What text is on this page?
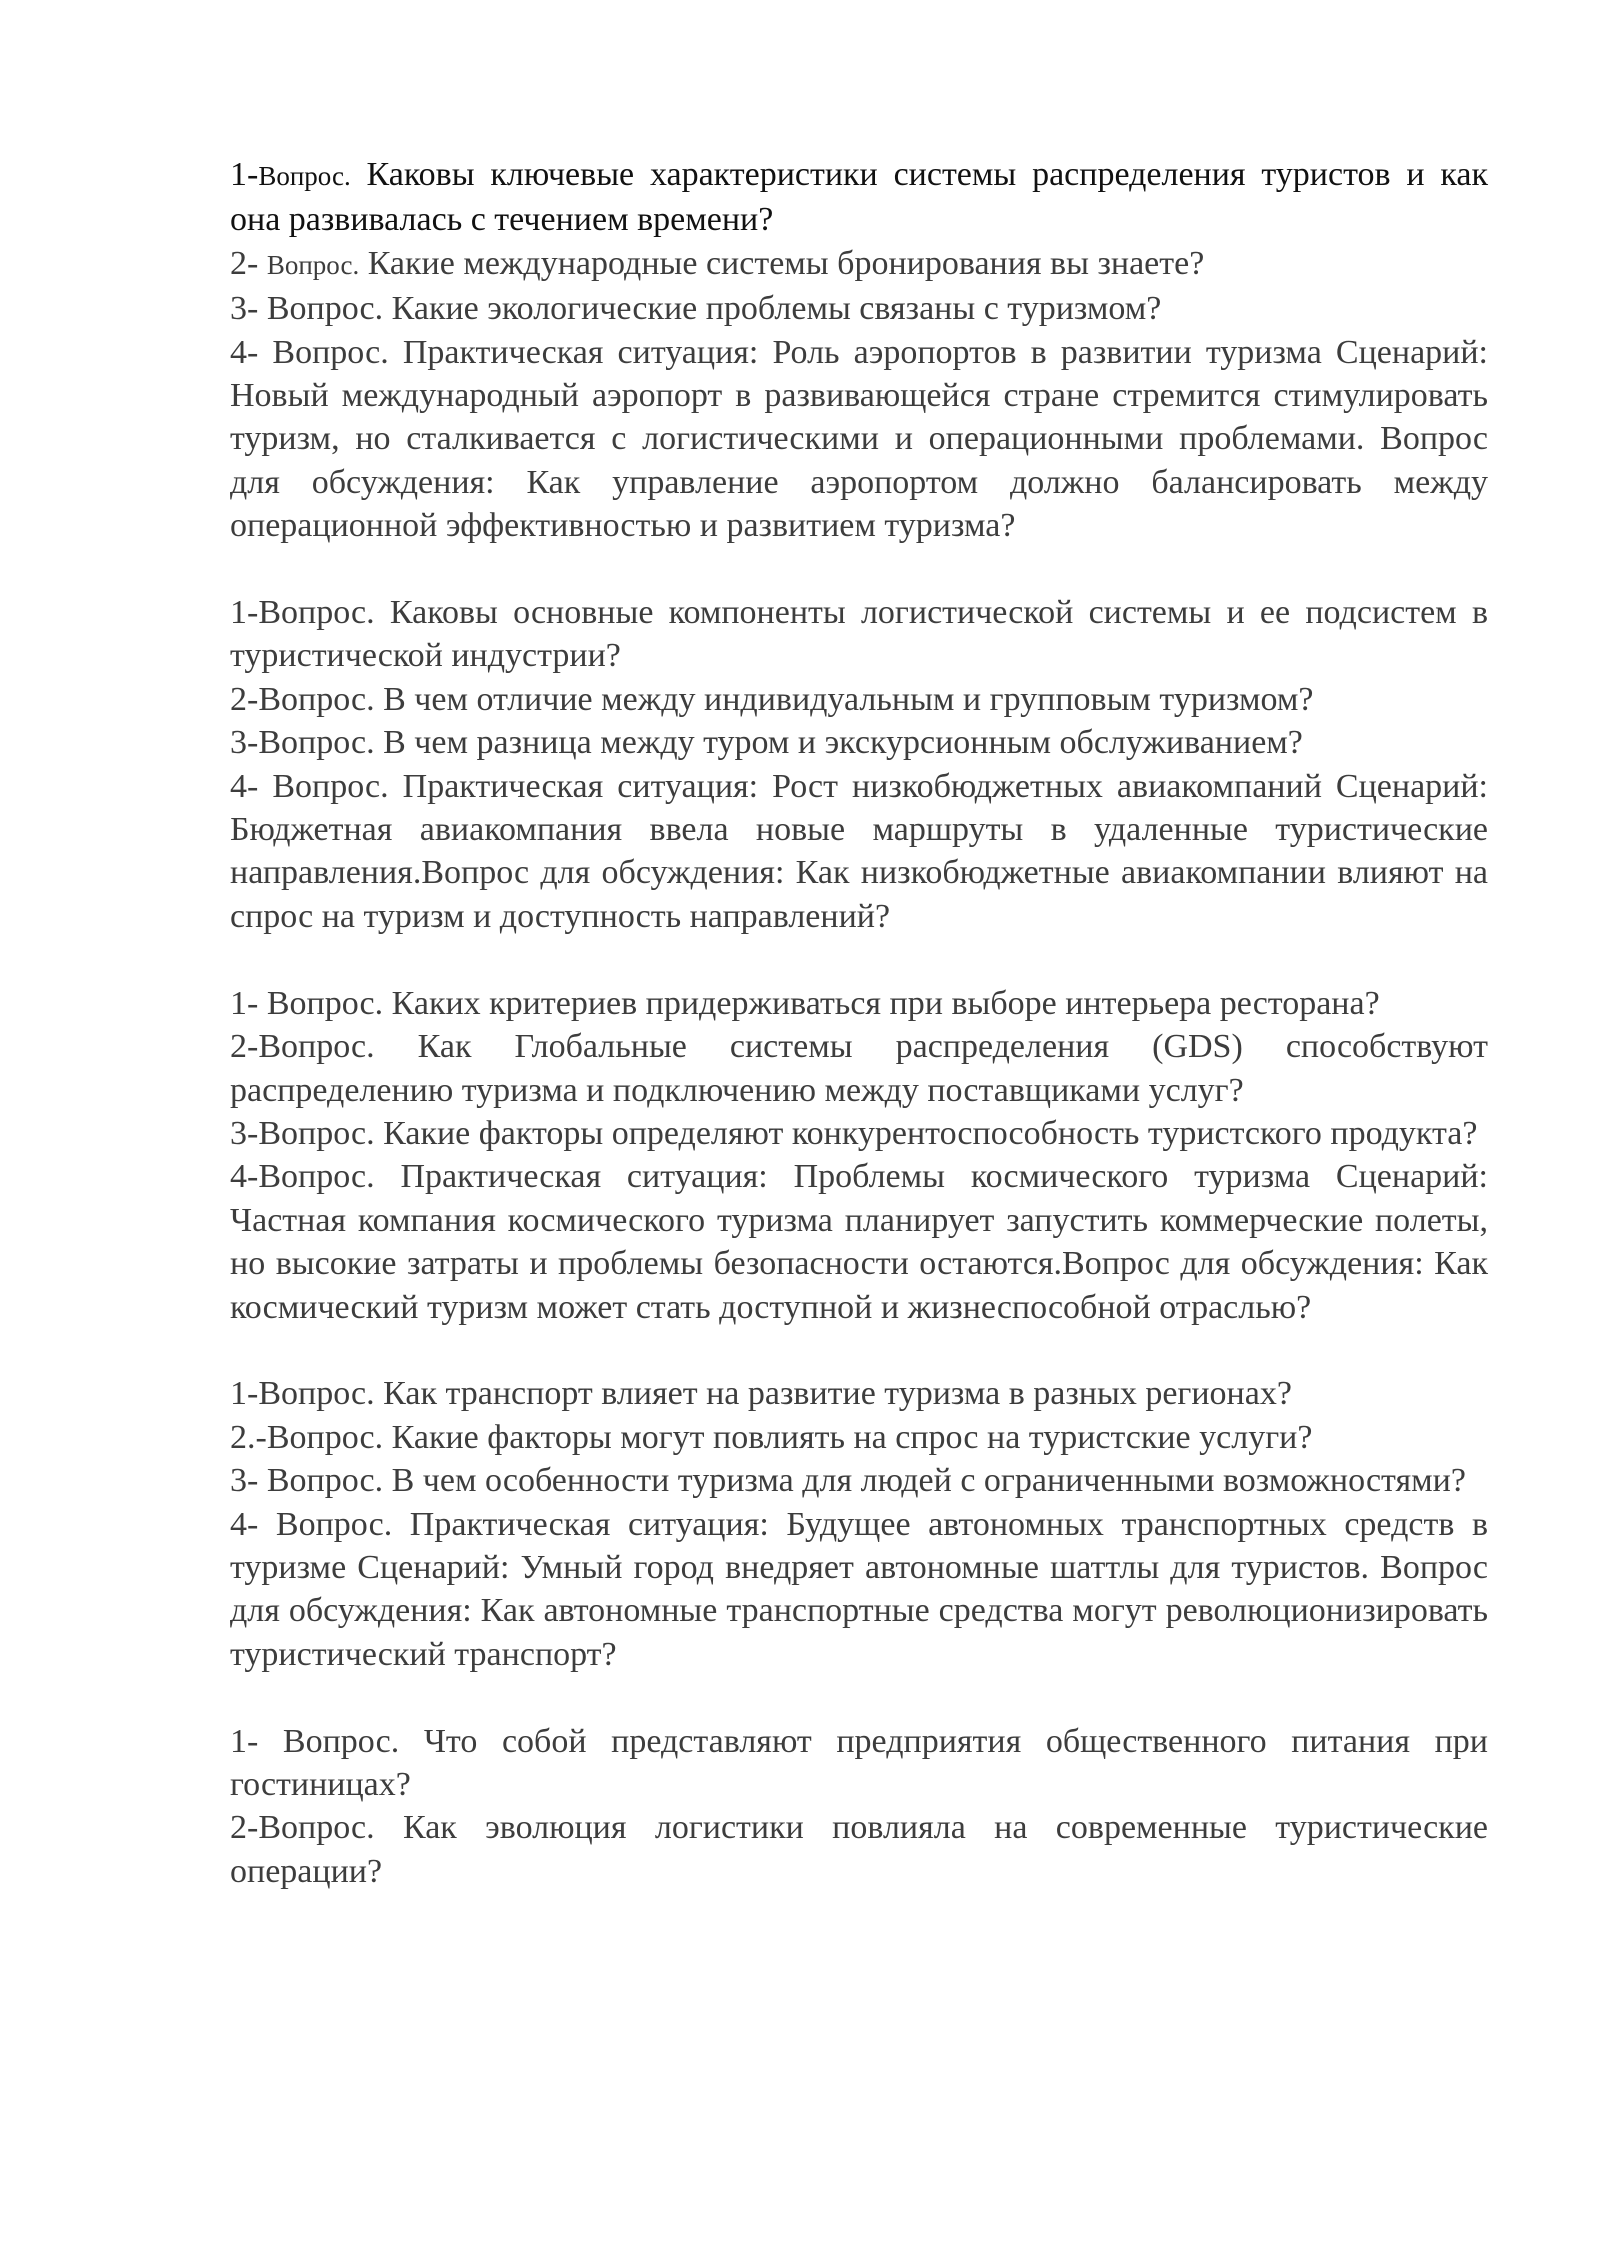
1-Вопрос. Каковы ключевые характеристики системы распределения туристов и как она развивалась с течением времени?

2- Вопрос. Какие международные системы бронирования вы знаете?

3- Вопрос. Какие экологические проблемы связаны с туризмом?

4- Вопрос. Практическая ситуация: Роль аэропортов в развитии туризма Сценарий: Новый международный аэропорт в развивающейся стране стремится стимулировать туризм, но сталкивается с логистическими и операционными проблемами. Вопрос для обсуждения: Как управление аэропортом должно балансировать между операционной эффективностью и развитием туризма?

1-Вопрос. Каковы основные компоненты логистической системы и ее подсистем в туристической индустрии?

2-Вопрос. В чем отличие между индивидуальным и групповым туризмом?

3-Вопрос. В чем разница между туром и экскурсионным обслуживанием?

4- Вопрос. Практическая ситуация: Рост низкобюджетных авиакомпаний Сценарий: Бюджетная авиакомпания ввела новые маршруты в удаленные туристические направления.Вопрос для обсуждения: Как низкобюджетные авиакомпании влияют на спрос на туризм и доступность направлений?

1- Вопрос. Каких критериев придерживаться при выборе интерьера ресторана?

2-Вопрос. Как Глобальные системы распределения (GDS) способствуют распределению туризма и подключению между поставщиками услуг?

3-Вопрос. Какие факторы определяют конкурентоспособность туристского продукта?

4-Вопрос. Практическая ситуация: Проблемы космического туризма Сценарий: Частная компания космического туризма планирует запустить коммерческие полеты, но высокие затраты и проблемы безопасности остаются.Вопрос для обсуждения: Как космический туризм может стать доступной и жизнеспособной отраслью?

1-Вопрос. Как транспорт влияет на развитие туризма в разных регионах?

2.-Вопрос. Какие факторы могут повлиять на спрос на туристские услуги?

3- Вопрос. В чем особенности туризма для людей с ограниченными возможностями?

4- Вопрос. Практическая ситуация: Будущее автономных транспортных средств в туризме Сценарий: Умный город внедряет автономные шаттлы для туристов. Вопрос для обсуждения: Как автономные транспортные средства могут революционизировать туристический транспорт?

1- Вопрос. Что собой представляют предприятия общественного питания при гостиницах?

2-Вопрос. Как эволюция логистики повлияла на современные туристические операции?
